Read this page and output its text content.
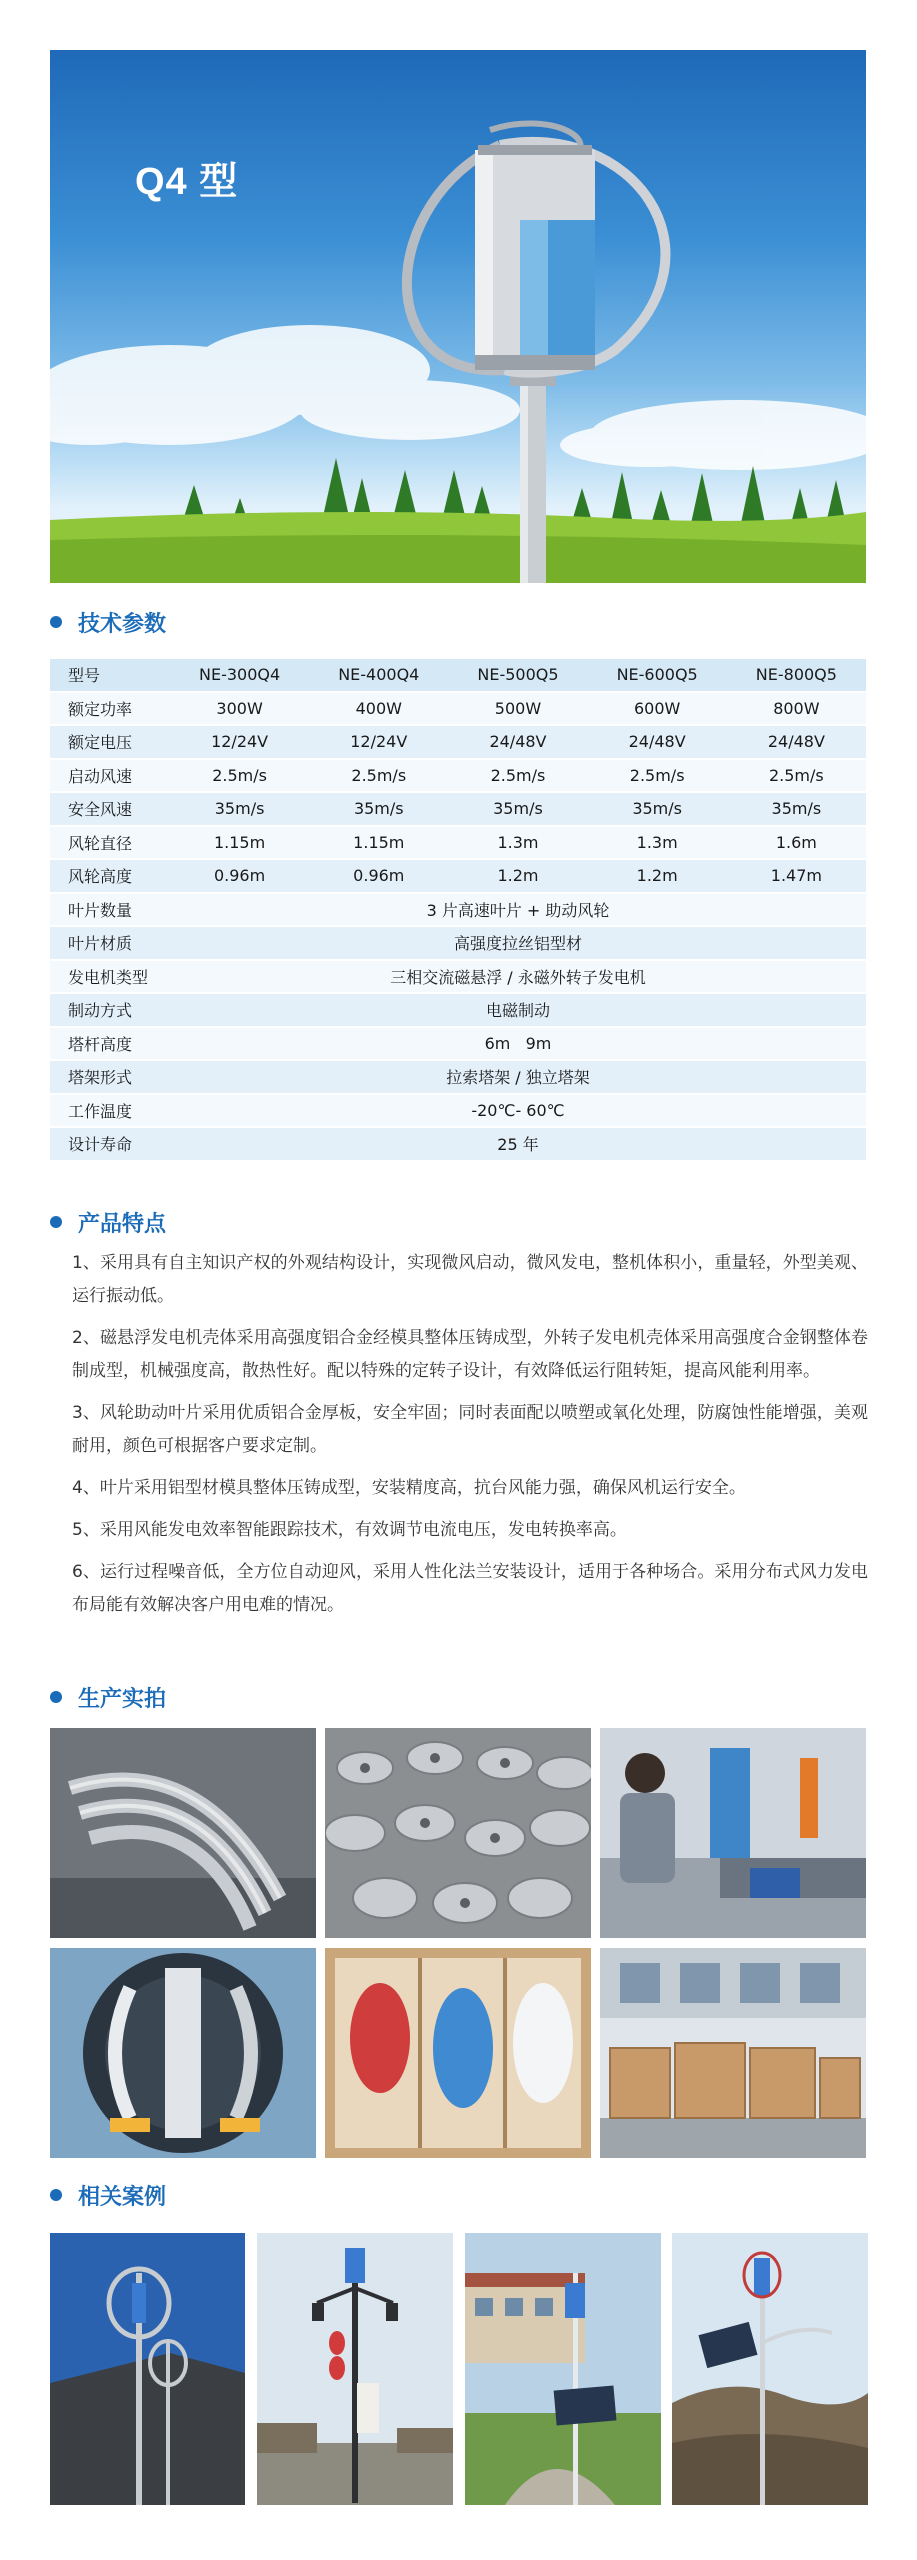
Q4 型
技术参数
型号	NE-300Q4	NE-400Q4	NE-500Q5	NE-600Q5	NE-800Q5
额定功率	300W	400W	500W	600W	800W
额定电压	12/24V	12/24V	24/48V	24/48V	24/48V
启动风速	2.5m/s	2.5m/s	2.5m/s	2.5m/s	2.5m/s
安全风速	35m/s	35m/s	35m/s	35m/s	35m/s
风轮直径	1.15m	1.15m	1.3m	1.3m	1.6m
风轮高度	0.96m	0.96m	1.2m	1.2m	1.47m
叶片数量	3 片高速叶片 + 助动风轮				
叶片材质	高强度拉丝铝型材				
发电机类型	三相交流磁悬浮 / 永磁外转子发电机				
制动方式	电磁制动				
塔杆高度	6m   9m				
塔架形式	拉索塔架 / 独立塔架				
工作温度	-20℃- 60℃				
设计寿命	25 年				
产品特点

1、采用具有自主知识产权的外观结构设计，实现微风启动，微风发电，整机体积小，重量轻，外型美观、运行振动低。

2、磁悬浮发电机壳体采用高强度铝合金经模具整体压铸成型，外转子发电机壳体采用高强度合金钢整体卷制成型，机械强度高，散热性好。配以特殊的定转子设计，有效降低运行阻转矩，提高风能利用率。

3、风轮助动叶片采用优质铝合金厚板，安全牢固；同时表面配以喷塑或氧化处理，防腐蚀性能增强，美观耐用，颜色可根据客户要求定制。

4、叶片采用铝型材模具整体压铸成型，安装精度高，抗台风能力强，确保风机运行安全。

5、采用风能发电效率智能跟踪技术，有效调节电流电压，发电转换率高。

6、运行过程噪音低，全方位自动迎风，采用人性化法兰安装设计，适用于各种场合。采用分布式风力发电布局能有效解决客户用电难的情况。

生产实拍
相关案例
